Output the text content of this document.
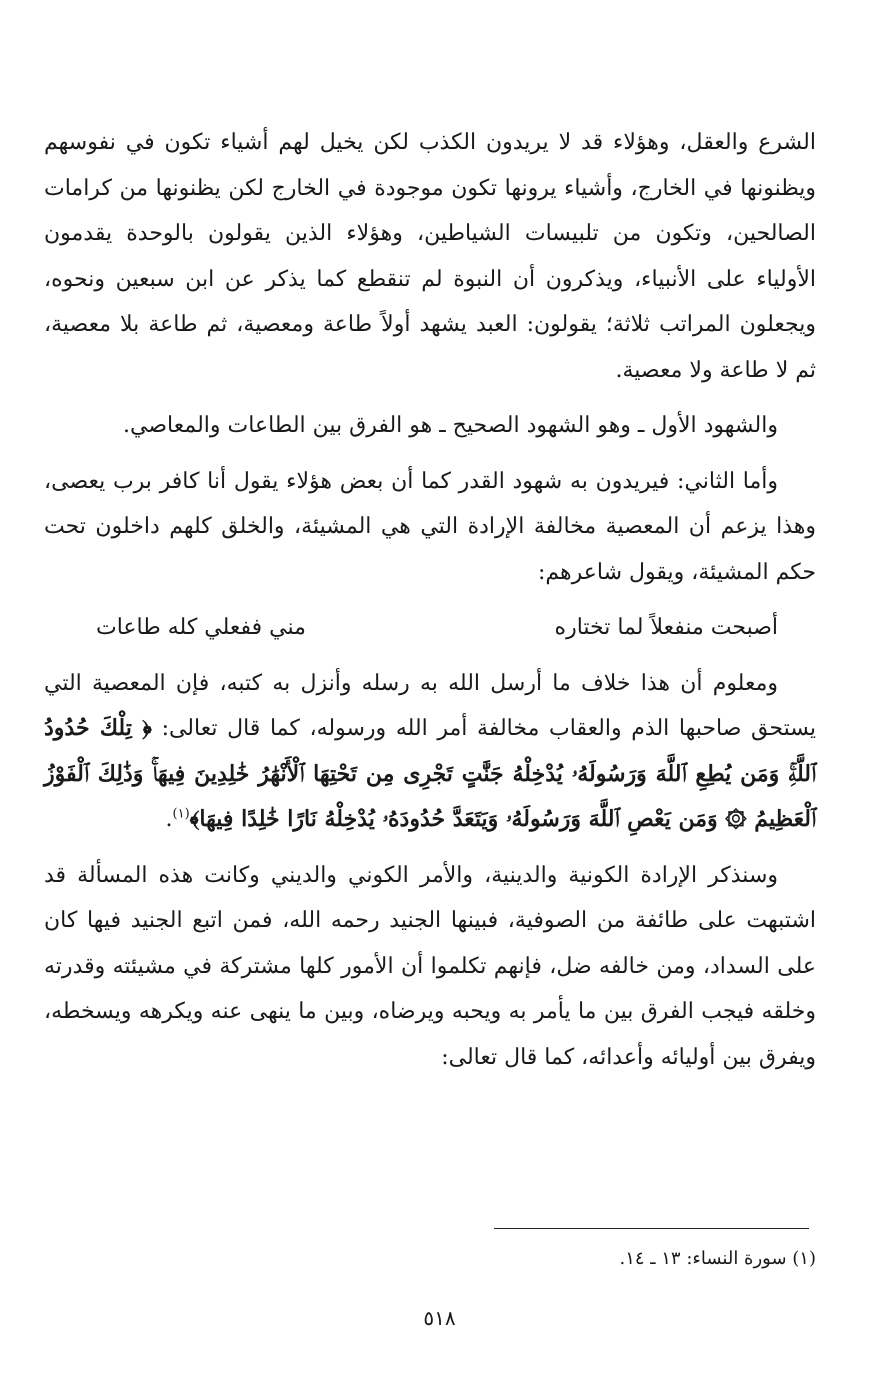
الشرع والعقل، وهؤلاء قد لا يريدون الكذب لكن يخيل لهم أشياء تكون في نفوسهم ويظنونها في الخارج، وأشياء يرونها تكون موجودة في الخارج لكن يظنونها من كرامات الصالحين، وتكون من تلبيسات الشياطين، وهؤلاء الذين يقولون بالوحدة يقدمون الأولياء على الأنبياء، ويذكرون أن النبوة لم تنقطع كما يذكر عن ابن سبعين ونحوه، ويجعلون المراتب ثلاثة؛ يقولون: العبد يشهد أولاً طاعة ومعصية، ثم طاعة بلا معصية، ثم لا طاعة ولا معصية.

والشهود الأول ـ وهو الشهود الصحيح ـ هو الفرق بين الطاعات والمعاصي.

وأما الثاني: فيريدون به شهود القدر كما أن بعض هؤلاء يقول أنا كافر برب يعصى، وهذا يزعم أن المعصية مخالفة الإرادة التي هي المشيئة، والخلق كلهم داخلون تحت حكم المشيئة، ويقول شاعرهم:

أصبحت منفعلاً لما تختاره
مني ففعلي كله طاعات

ومعلوم أن هذا خلاف ما أرسل الله به رسله وأنزل به كتبه، فإن المعصية التي يستحق صاحبها الذم والعقاب مخالفة أمر الله ورسوله، كما قال تعالى: ﴿ تِلْكَ حُدُودُ ٱللَّهِۚ وَمَن يُطِعِ ٱللَّهَ وَرَسُولَهُۥ يُدْخِلْهُ جَنَّٰتٍ تَجْرِى مِن تَحْتِهَا ٱلْأَنْهَٰرُ خَٰلِدِينَ فِيهَاۚ وَذَٰلِكَ ٱلْفَوْزُ ٱلْعَظِيمُ ۞ وَمَن يَعْصِ ٱللَّهَ وَرَسُولَهُۥ وَيَتَعَدَّ حُدُودَهُۥ يُدْخِلْهُ نَارًا خَٰلِدًا فِيهَا﴾$^{(١)}$.

وسنذكر الإرادة الكونية والدينية، والأمر الكوني والديني وكانت هذه المسألة قد اشتبهت على طائفة من الصوفية، فبينها الجنيد رحمه الله، فمن اتبع الجنيد فيها كان على السداد، ومن خالفه ضل، فإنهم تكلموا أن الأمور كلها مشتركة في مشيئته وقدرته وخلقه فيجب الفرق بين ما يأمر به ويحبه ويرضاه، وبين ما ينهى عنه ويكرهه ويسخطه، ويفرق بين أوليائه وأعدائه، كما قال تعالى:

(١) سورة النساء: ١٣ ـ ١٤.

٥١٨
